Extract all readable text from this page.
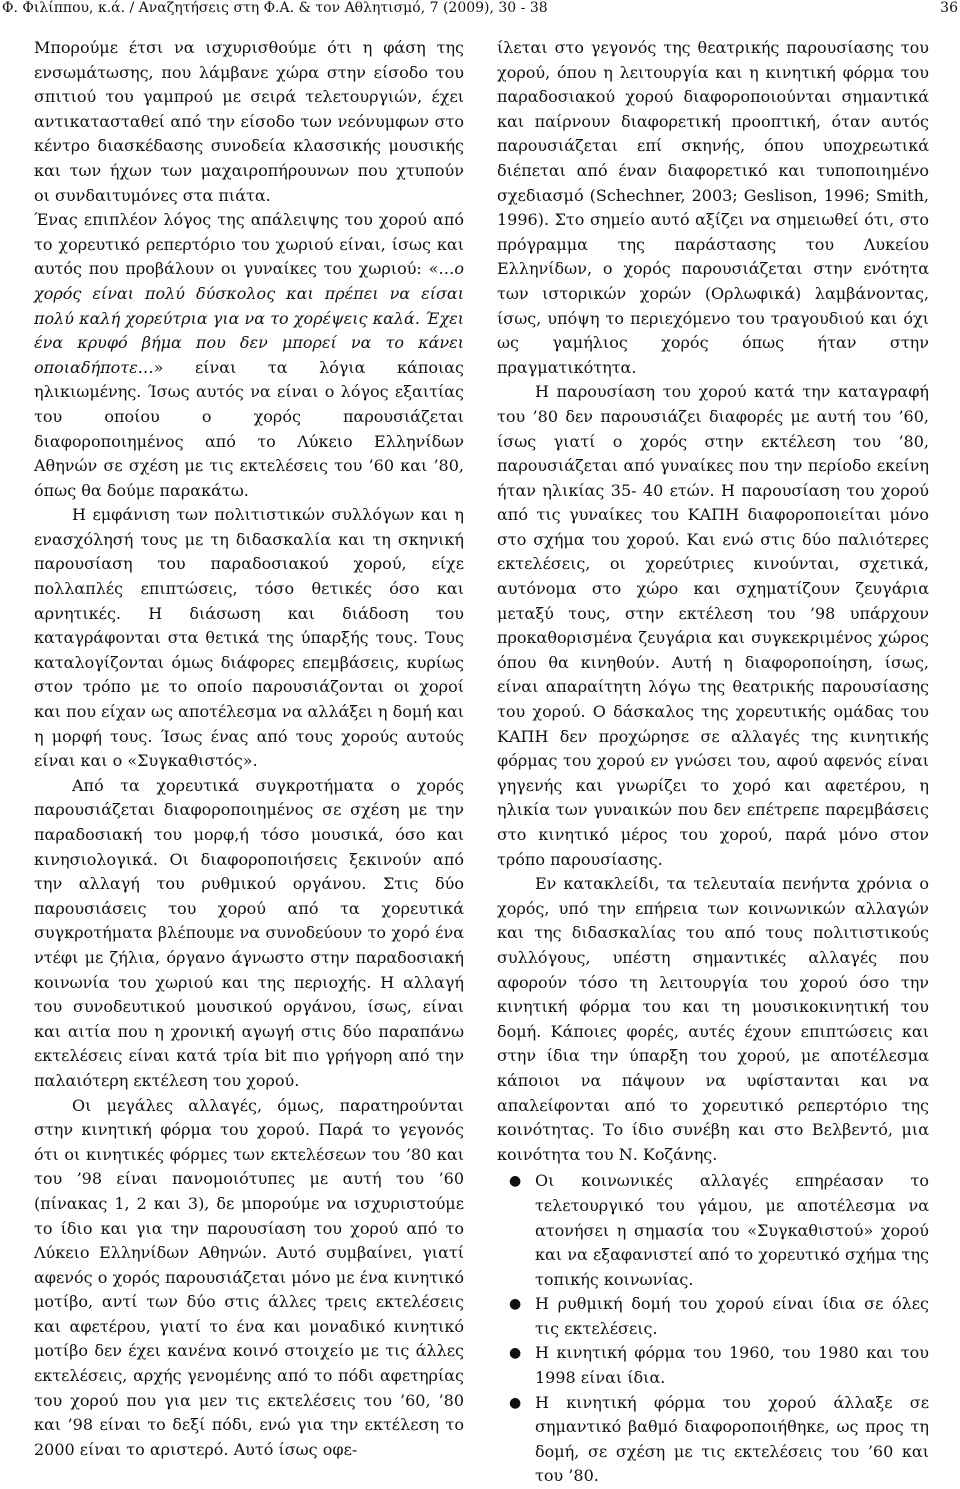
Φ. Φιλίππου, κ.ά. / Αναζητήσεις στη Φ.Α. & τον Αθλητισμό, 7 (2009), 30 - 38	36

Μπορούμε έτσι να ισχυρισθούμε ότι η φάση της ενσωμάτωσης, που λάμβανε χώρα στην είσοδο του σπιτιού του γαμπρού με σειρά τελετουργιών, έχει αντικατασταθεί από την είσοδο των νεόνυμφων στο κέντρο διασκέδασης συνοδεία κλασσικής μουσικής και των ήχων των μαχαιροπήρουνων που χτυπούν οι συνδαιτυμόνες στα πιάτα.

Ένας επιπλέον λόγος της απάλειψης του χορού από το χορευτικό ρεπερτόριο του χωριού είναι, ίσως και αυτός που προβάλουν οι γυναίκες του χωριού: «…ο χορός είναι πολύ δύσκολος και πρέπει να είσαι πολύ καλή χορεύτρια για να το χορέψεις καλά. Έχει ένα κρυφό βήμα που δεν μπορεί να το κάνει οποιαδήποτε…» είναι τα λόγια κάποιας ηλικιωμένης. Ίσως αυτός να είναι ο λόγος εξαιτίας του οποίου ο χορός παρουσιάζεται διαφοροποιημένος από το Λύκειο Ελληνίδων Αθηνών σε σχέση με τις εκτελέσεις του ’60 και ’80, όπως θα δούμε παρακάτω.

Η εμφάνιση των πολιτιστικών συλλόγων και η ενασχόλησή τους με τη διδασκαλία και τη σκηνική παρουσίαση του παραδοσιακού χορού, είχε πολλαπλές επιπτώσεις, τόσο θετικές όσο και αρνητικές. Η διάσωση και διάδοση του καταγράφονται στα θετικά της ύπαρξής τους. Τους καταλογίζονται όμως διάφορες επεμβάσεις, κυρίως στον τρόπο με το οποίο παρουσιάζονται οι χοροί και που είχαν ως αποτέλεσμα να αλλάξει η δομή και η μορφή τους. Ίσως ένας από τους χορούς αυτούς είναι και ο «Συγκαθιστός».

Από τα χορευτικά συγκροτήματα ο χορός παρουσιάζεται διαφοροποιημένος σε σχέση με την παραδοσιακή του μορφ,ή τόσο μουσικά, όσο και κινησιολογικά. Οι διαφοροποιήσεις ξεκινούν από την αλλαγή του ρυθμικού οργάνου. Στις δύο παρουσιάσεις του χορού από τα χορευτικά συγκροτήματα βλέπουμε να συνοδεύουν το χορό ένα ντέφι με ζήλια, όργανο άγνωστο στην παραδοσιακή κοινωνία του χωριού και της περιοχής. Η αλλαγή του συνοδευτικού μουσικού οργάνου, ίσως, είναι και αιτία που η χρονική αγωγή στις δύο παραπάνω εκτελέσεις είναι κατά τρία bit πιο γρήγορη από την παλαιότερη εκτέλεση του χορού.

Οι μεγάλες αλλαγές, όμως, παρατηρούνται στην κινητική φόρμα του χορού. Παρά το γεγονός ότι οι κινητικές φόρμες των εκτελέσεων του ’80 και του ’98 είναι πανομοιότυπες με αυτή του ’60 (πίνακας 1, 2 και 3), δε μπορούμε να ισχυριστούμε το ίδιο και για την παρουσίαση του χορού από το Λύκειο Ελληνίδων Αθηνών. Αυτό συμβαίνει, γιατί αφενός ο χορός παρουσιάζεται μόνο με ένα κινητικό μοτίβο, αντί των δύο στις άλλες τρεις εκτελέσεις και αφετέρου, γιατί το ένα και μοναδικό κινητικό μοτίβο δεν έχει κανένα κοινό στοιχείο με τις άλλες εκτελέσεις, αρχής γενομένης από το πόδι αφετηρίας του χορού που για μεν τις εκτελέσεις του ’60, ’80 και ’98 είναι το δεξί πόδι, ενώ για την εκτέλεση το 2000 είναι το αριστερό. Αυτό ίσως οφε-

ίλεται στο γεγονός της θεατρικής παρουσίασης του χορού, όπου η λειτουργία και η κινητική φόρμα του παραδοσιακού χορού διαφοροποιούνται σημαντικά και παίρνουν διαφορετική προοπτική, όταν αυτός παρουσιάζεται επί σκηνής, όπου υποχρεωτικά διέπεται από έναν διαφορετικό και τυποποιημένο σχεδιασμό (Schechner, 2003; Geslison, 1996; Smith, 1996). Στο σημείο αυτό αξίζει να σημειωθεί ότι, στο πρόγραμμα της παράστασης του Λυκείου Ελληνίδων, ο χορός παρουσιάζεται στην ενότητα των ιστορικών χορών (Ορλωφικά) λαμβάνοντας, ίσως, υπόψη το περιεχόμενο του τραγουδιού και όχι ως γαμήλιος χορός όπως ήταν στην πραγματικότητα.

Η παρουσίαση του χορού κατά την καταγραφή του ’80 δεν παρουσιάζει διαφορές με αυτή του ’60, ίσως γιατί ο χορός στην εκτέλεση του ’80, παρουσιάζεται από γυναίκες που την περίοδο εκείνη ήταν ηλικίας 35- 40 ετών. Η παρουσίαση του χορού από τις γυναίκες του ΚΑΠΗ διαφοροποιείται μόνο στο σχήμα του χορού. Και ενώ στις δύο παλιότερες εκτελέσεις, οι χορεύτριες κινούνται, σχετικά, αυτόνομα στο χώρο και σχηματίζουν ζευγάρια μεταξύ τους, στην εκτέλεση του ’98 υπάρχουν προκαθορισμένα ζευγάρια και συγκεκριμένος χώρος όπου θα κινηθούν. Αυτή η διαφοροποίηση, ίσως, είναι απαραίτητη λόγω της θεατρικής παρουσίασης του χορού. Ο δάσκαλος της χορευτικής ομάδας του ΚΑΠΗ δεν προχώρησε σε αλλαγές της κινητικής φόρμας του χορού εν γνώσει του, αφού αφενός είναι γηγενής και γνωρίζει το χορό και αφετέρου, η ηλικία των γυναικών που δεν επέτρεπε παρεμβάσεις στο κινητικό μέρος του χορού, παρά μόνο στον τρόπο παρουσίασης.

Εν κατακλείδι, τα τελευταία πενήντα χρόνια ο χορός, υπό την επήρεια των κοινωνικών αλλαγών και της διδασκαλίας του από τους πολιτιστικούς συλλόγους, υπέστη σημαντικές αλλαγές που αφορούν τόσο τη λειτουργία του χορού όσο την κινητική φόρμα του και τη μουσικοκινητική του δομή. Κάποιες φορές, αυτές έχουν επιπτώσεις και στην ίδια την ύπαρξη του χορού, με αποτέλεσμα κάποιοι να πάψουν να υφίστανται και να απαλείφονται από το χορευτικό ρεπερτόριο της κοινότητας. Το ίδιο συνέβη και στο Βελβεντό, μια κοινότητα του Ν. Κοζάνης.

● Οι κοινωνικές αλλαγές επηρέασαν το τελετουργικό του γάμου, με αποτέλεσμα να ατονήσει η σημασία του «Συγκαθιστού» χορού και να εξαφανιστεί από το χορευτικό σχήμα της τοπικής κοινωνίας.
● Η ρυθμική δομή του χορού είναι ίδια σε όλες τις εκτελέσεις.
● Η κινητική φόρμα του 1960, του 1980 και του 1998 είναι ίδια.
● Η κινητική φόρμα του χορού άλλαξε σε σημαντικό βαθμό διαφοροποιήθηκε, ως προς τη δομή, σε σχέση με τις εκτελέσεις του ’60 και του ’80.
